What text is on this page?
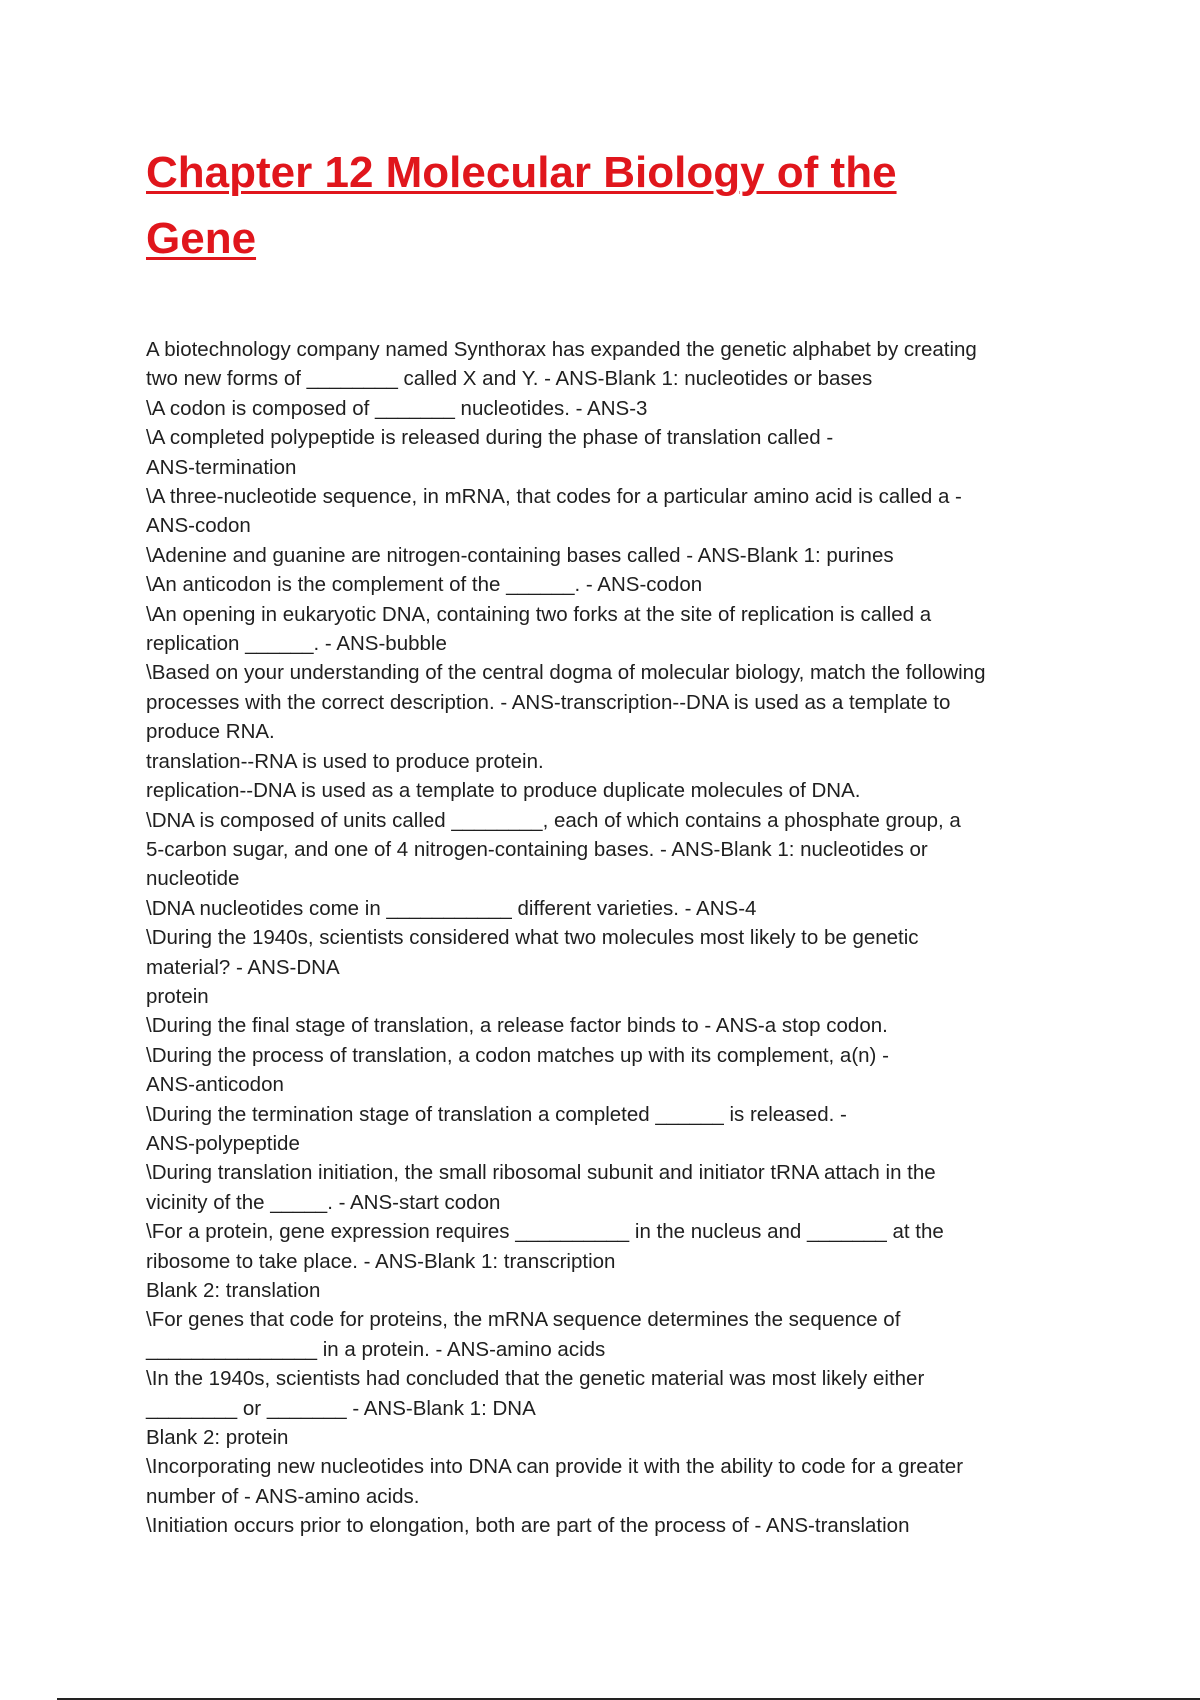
Chapter 12 Molecular Biology of the
Gene
A biotechnology company named Synthorax has expanded the genetic alphabet by creating
two new forms of ________ called X and Y. - ANS-Blank 1: nucleotides or bases
\A codon is composed of _______ nucleotides. - ANS-3
\A completed polypeptide is released during the phase of translation called -
ANS-termination
\A three-nucleotide sequence, in mRNA, that codes for a particular amino acid is called a -
ANS-codon
\Adenine and guanine are nitrogen-containing bases called - ANS-Blank 1: purines
\An anticodon is the complement of the ______. - ANS-codon
\An opening in eukaryotic DNA, containing two forks at the site of replication is called a
replication ______. - ANS-bubble
\Based on your understanding of the central dogma of molecular biology, match the following
processes with the correct description. - ANS-transcription--DNA is used as a template to
produce RNA.
translation--RNA is used to produce protein.
replication--DNA is used as a template to produce duplicate molecules of DNA.
\DNA is composed of units called ________, each of which contains a phosphate group, a
5-carbon sugar, and one of 4 nitrogen-containing bases. - ANS-Blank 1: nucleotides or
nucleotide
\DNA nucleotides come in ___________ different varieties. - ANS-4
\During the 1940s, scientists considered what two molecules most likely to be genetic
material? - ANS-DNA
protein
\During the final stage of translation, a release factor binds to - ANS-a stop codon.
\During the process of translation, a codon matches up with its complement, a(n) -
ANS-anticodon
\During the termination stage of translation a completed ______ is released. -
ANS-polypeptide
\During translation initiation, the small ribosomal subunit and initiator tRNA attach in the
vicinity of the _____. - ANS-start codon
\For a protein, gene expression requires __________ in the nucleus and _______ at the
ribosome to take place. - ANS-Blank 1: transcription
Blank 2: translation
\For genes that code for proteins, the mRNA sequence determines the sequence of
_______________ in a protein. - ANS-amino acids
\In the 1940s, scientists had concluded that the genetic material was most likely either
________ or _______ - ANS-Blank 1: DNA
Blank 2: protein
\Incorporating new nucleotides into DNA can provide it with the ability to code for a greater
number of - ANS-amino acids.
\Initiation occurs prior to elongation, both are part of the process of - ANS-translation
